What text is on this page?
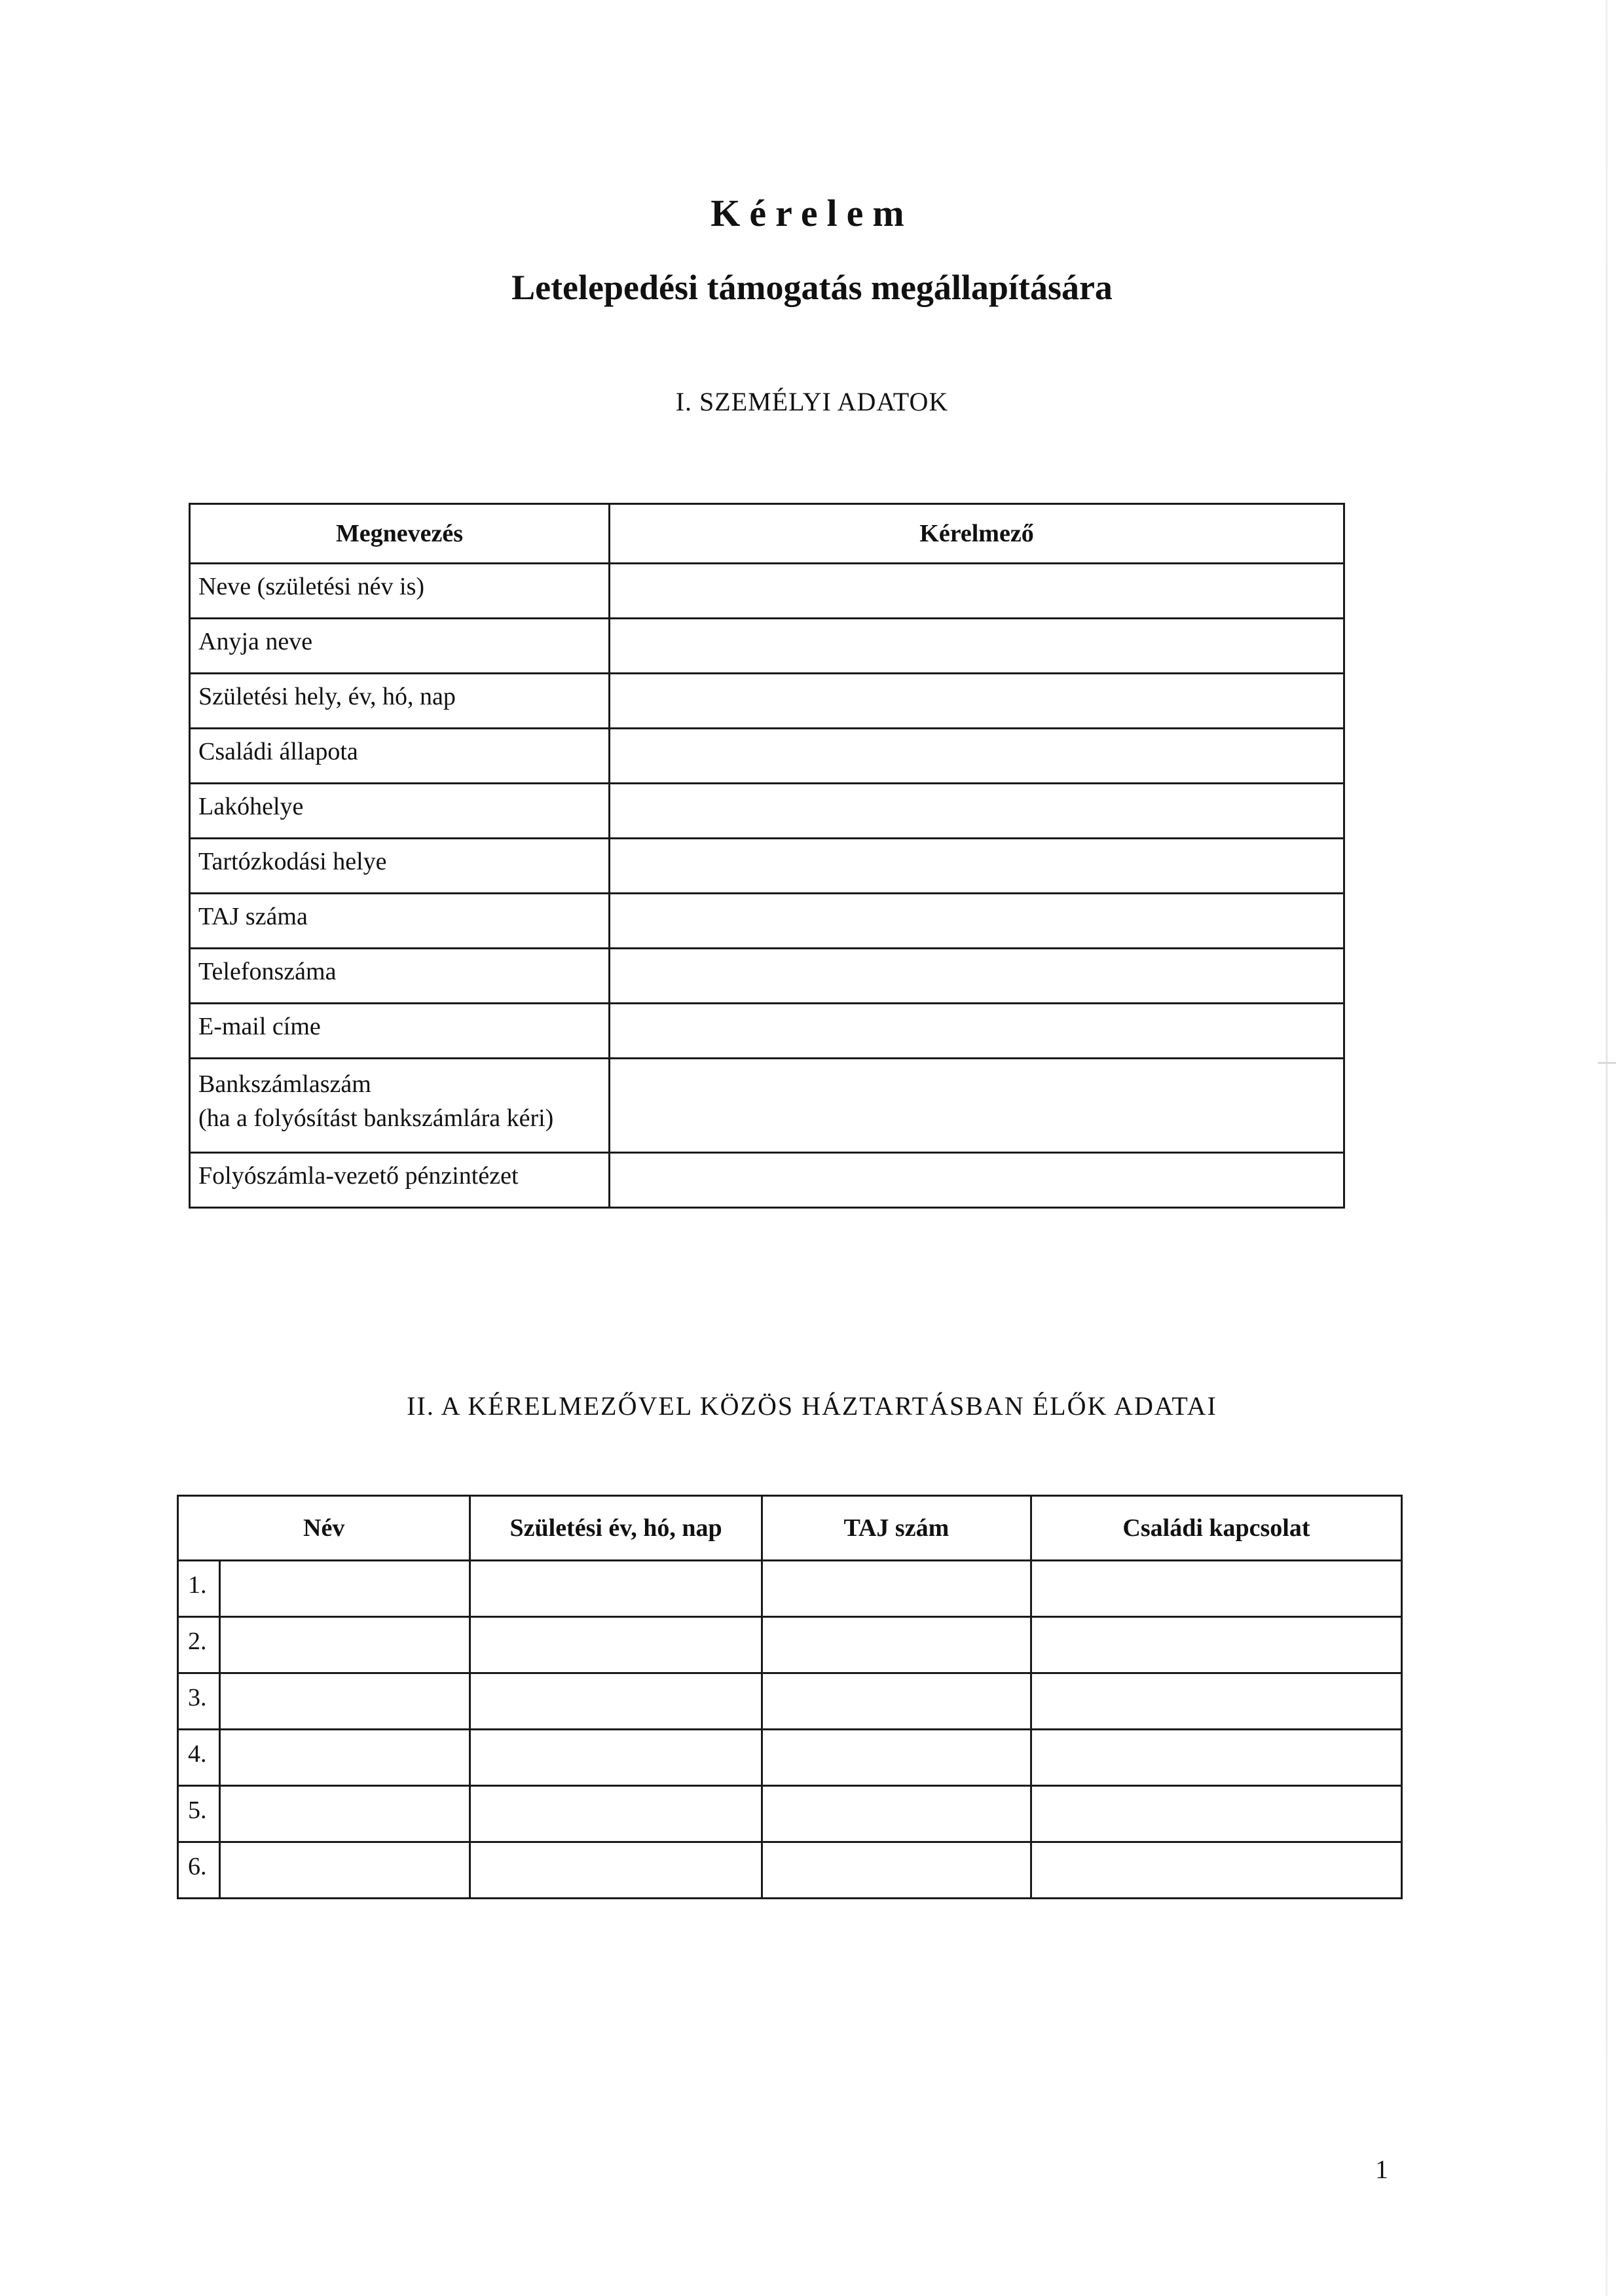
Kérelem
Letelepedési támogatás megállapítására
I. SZEMÉLYI ADATOK
Megnevezés	Kérelmező
Neve (születési név is)	
Anyja neve	
Születési hely, év, hó, nap	
Családi állapota	
Lakóhelye	
Tartózkodási helye	
TAJ száma	
Telefonszáma	
E-mail címe	

Bankszámlaszám
(ha a folyósítást bankszámlára kéri)	

Folyószámla-vezető pénzintézet	
II. A KÉRELMEZŐVEL KÖZÖS HÁZTARTÁSBAN ÉLŐK ADATAI
Név		Születési év, hó, nap	TAJ szám	Családi kapcsolat
1.				
2.				
3.				
4.				
5.				
6.				
1
